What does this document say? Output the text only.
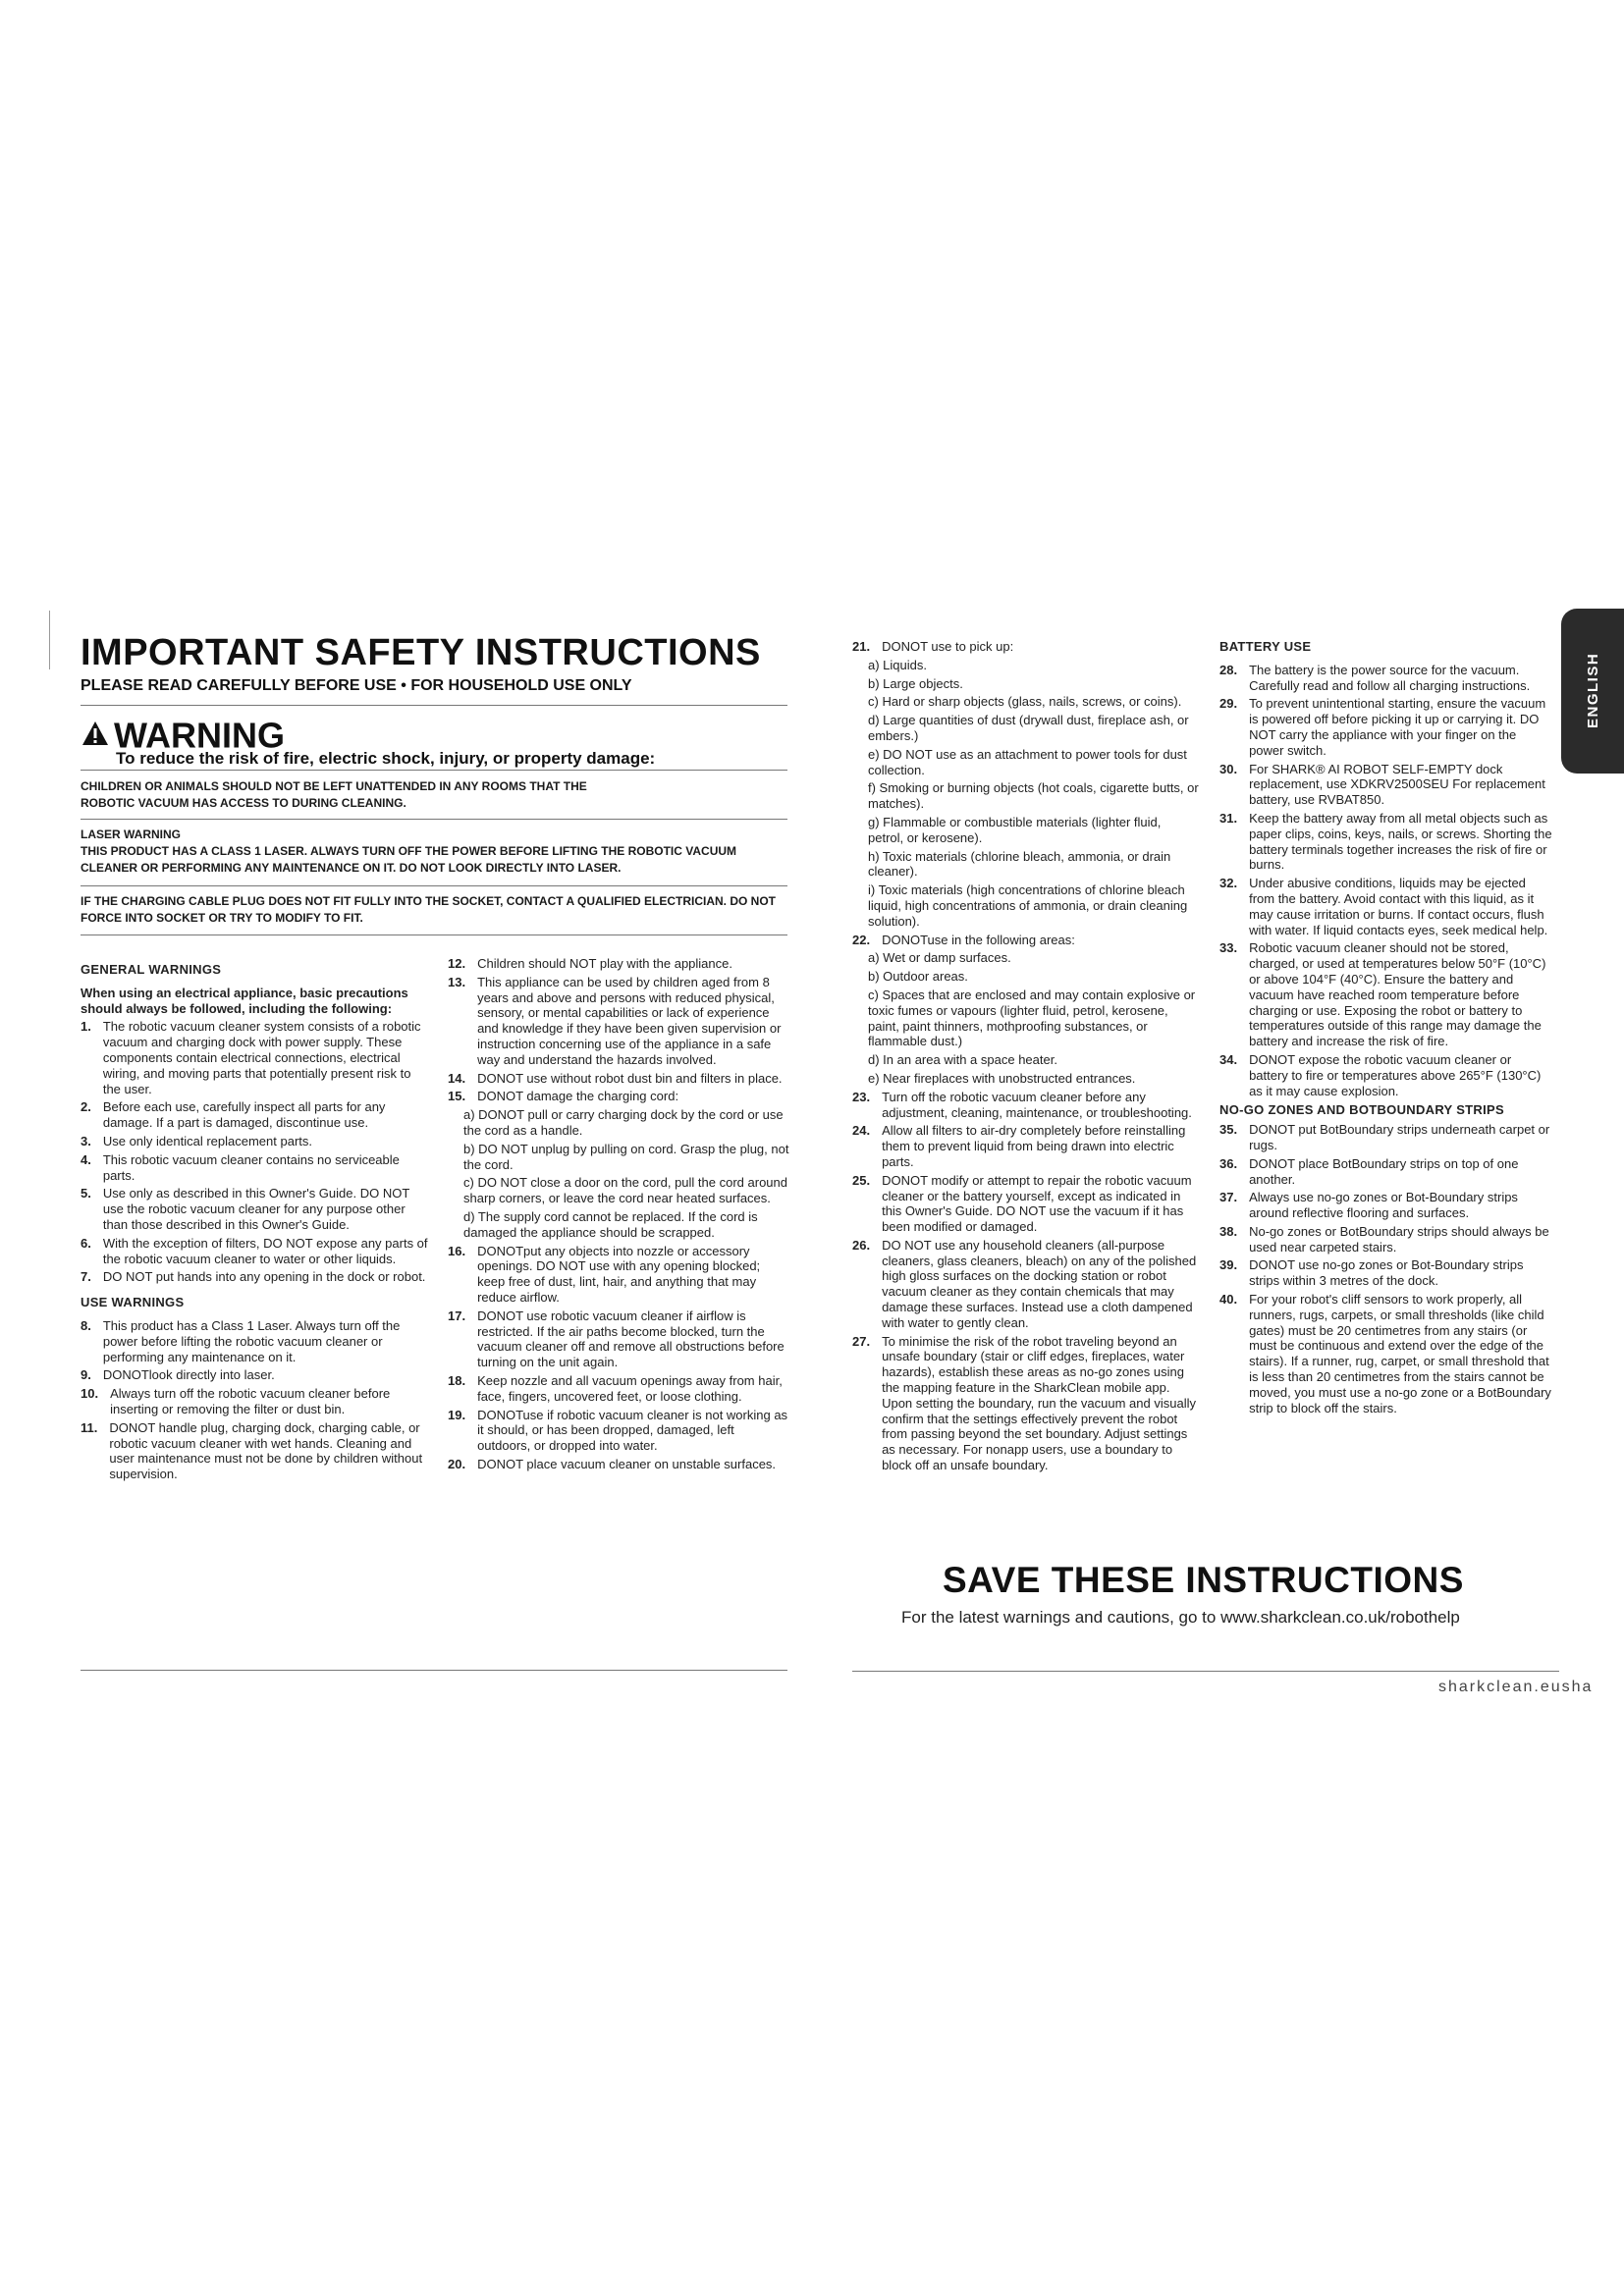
IMPORTANT SAFETY INSTRUCTIONS
PLEASE READ CAREFULLY BEFORE USE • FOR HOUSEHOLD USE ONLY
WARNING
To reduce the risk of fire, electric shock, injury, or property damage:
CHILDREN OR ANIMALS SHOULD NOT BE LEFT UNATTENDED IN ANY ROOMS THAT THE ROBOTIC VACUUM HAS ACCESS TO DURING CLEANING.
LASER WARNING
THIS PRODUCT HAS A CLASS 1 LASER. ALWAYS TURN OFF THE POWER BEFORE LIFTING THE ROBOTIC VACUUM CLEANER OR PERFORMING ANY MAINTENANCE ON IT. DO NOT LOOK DIRECTLY INTO LASER.
IF THE CHARGING CABLE PLUG DOES NOT FIT FULLY INTO THE SOCKET, CONTACT A QUALIFIED ELECTRICIAN. DO NOT FORCE INTO SOCKET OR TRY TO MODIFY TO FIT.
GENERAL WARNINGS

When using an electrical appliance, basic precautions should always be followed, including the following:

1. The robotic vacuum cleaner system consists of a robotic vacuum and charging dock with power supply. These components contain electrical connections, electrical wiring, and moving parts that potentially present risk to the user.
2. Before each use, carefully inspect all parts for any damage. If a part is damaged, discontinue use.
3. Use only identical replacement parts.
4. This robotic vacuum cleaner contains no serviceable parts.
5. Use only as described in this Owner's Guide. DO NOT use the robotic vacuum cleaner for any purpose other than those described in this Owner's Guide.
6. With the exception of filters, DO NOT expose any parts of the robotic vacuum cleaner to water or other liquids.
7. DO NOT put hands into any opening in the dock or robot.
USE WARNINGS
8. This product has a Class 1 Laser. Always turn off the power before lifting the robotic vacuum cleaner or performing any maintenance on it.
9. DONOTlook directly into laser.
10. Always turn off the robotic vacuum cleaner before inserting or removing the filter or dust bin.
11. DONOT handle plug, charging dock, charging cable, or robotic vacuum cleaner with wet hands. Cleaning and user maintenance must not be done by children without supervision.
12. Children should NOT play with the appliance.
13. This appliance can be used by children aged from 8 years and above and persons with reduced physical, sensory, or mental capabilities or lack of experience and knowledge if they have been given supervision or instruction concerning use of the appliance in a safe way and understand the hazards involved.
14. DONOT use without robot dust bin and filters in place.
15. DONOT damage the charging cord:
a) DONOT pull or carry charging dock by the cord or use the cord as a handle.
b) DO NOT unplug by pulling on cord. Grasp the plug, not the cord.
c) DO NOT close a door on the cord, pull the cord around sharp corners, or leave the cord near heated surfaces.
d) The supply cord cannot be replaced. If the cord is damaged the appliance should be scrapped.
16. DONOTput any objects into nozzle or accessory openings. DO NOT use with any opening blocked; keep free of dust, lint, hair, and anything that may reduce airflow.
17. DONOT use robotic vacuum cleaner if airflow is restricted. If the air paths become blocked, turn the vacuum cleaner off and remove all obstructions before turning on the unit again.
18. Keep nozzle and all vacuum openings away from hair, face, fingers, uncovered feet, or loose clothing.
19. DONOTuse if robotic vacuum cleaner is not working as it should, or has been dropped, damaged, left outdoors, or dropped into water.
20. DONOT place vacuum cleaner on unstable surfaces.
21. DONOT use to pick up:
a) Liquids.
b) Large objects.
c) Hard or sharp objects (glass, nails, screws, or coins).
d) Large quantities of dust (drywall dust, fireplace ash, or embers.)
e) DO NOT use as an attachment to power tools for dust collection.
f) Smoking or burning objects (hot coals, cigarette butts, or matches).
g) Flammable or combustible materials (lighter fluid, petrol, or kerosene).
h) Toxic materials (chlorine bleach, ammonia, or drain cleaner).
i) Toxic materials (high concentrations of chlorine bleach liquid, high concentrations of ammonia, or drain cleaning solution).
22. DONOTuse in the following areas:
a) Wet or damp surfaces.
b) Outdoor areas.
c) Spaces that are enclosed and may contain explosive or toxic fumes or vapours (lighter fluid, petrol, kerosene, paint, paint thinners, mothproofing substances, or flammable dust.)
d) In an area with a space heater.
e) Near fireplaces with unobstructed entrances.
23. Turn off the robotic vacuum cleaner before any adjustment, cleaning, maintenance, or troubleshooting.
24. Allow all filters to air-dry completely before reinstalling them to prevent liquid from being drawn into electric parts.
25. DONOT modify or attempt to repair the robotic vacuum cleaner or the battery yourself, except as indicated in this Owner's Guide. DO NOT use the vacuum if it has been modified or damaged.
26. DO NOT use any household cleaners (all-purpose cleaners, glass cleaners, bleach) on any of the polished high gloss surfaces on the docking station or robot vacuum cleaner as they contain chemicals that may damage these surfaces. Instead use a cloth dampened with water to gently clean.
27. To minimise the risk of the robot traveling beyond an unsafe boundary (stair or cliff edges, fireplaces, water hazards), establish these areas as no-go zones using the mapping feature in the SharkClean mobile app. Upon setting the boundary, run the vacuum and visually confirm that the settings effectively prevent the robot from passing beyond the set boundary. Adjust settings as necessary. For nonapp users, use a boundary to block off an unsafe boundary.
BATTERY USE
28. The battery is the power source for the vacuum. Carefully read and follow all charging instructions.
29. To prevent unintentional starting, ensure the vacuum is powered off before picking it up or carrying it. DO NOT carry the appliance with your finger on the power switch.
30. For SHARK® AI ROBOT SELF-EMPTY dock replacement, use XDKRV2500SEU For replacement battery, use RVBAT850.
31. Keep the battery away from all metal objects such as paper clips, coins, keys, nails, or screws. Shorting the battery terminals together increases the risk of fire or burns.
32. Under abusive conditions, liquids may be ejected from the battery. Avoid contact with this liquid, as it may cause irritation or burns. If contact occurs, flush with water. If liquid contacts eyes, seek medical help.
33. Robotic vacuum cleaner should not be stored, charged, or used at temperatures below 50°F (10°C) or above 104°F (40°C). Ensure the battery and vacuum have reached room temperature before charging or use. Exposing the robot or battery to temperatures outside of this range may damage the battery and increase the risk of fire.
34. DONOT expose the robotic vacuum cleaner or battery to fire or temperatures above 265°F (130°C) as it may cause explosion.
NO-GO ZONES AND BOTBOUNDARY STRIPS
35. DONOT put BotBoundary strips underneath carpet or rugs.
36. DONOT place BotBoundary strips on top of one another.
37. Always use no-go zones or Bot-Boundary strips around reflective flooring and surfaces.
38. No-go zones or BotBoundary strips should always be used near carpeted stairs.
39. DONOT use no-go zones or Bot-Boundary strips strips within 3 metres of the dock.
40. For your robot's cliff sensors to work properly, all runners, rugs, carpets, or small thresholds (like child gates) must be 20 centimetres from any stairs (or must be continuous and extend over the edge of the stairs). If a runner, rug, carpet, or small threshold that is less than 20 centimetres from the stairs cannot be moved, you must use a no-go zone or a BotBoundary strip to block off the stairs.
SAVE THESE INSTRUCTIONS
For the latest warnings and cautions, go to www.sharkclean.co.uk/robothelp
sharkclean.eusha
ENGLISH
